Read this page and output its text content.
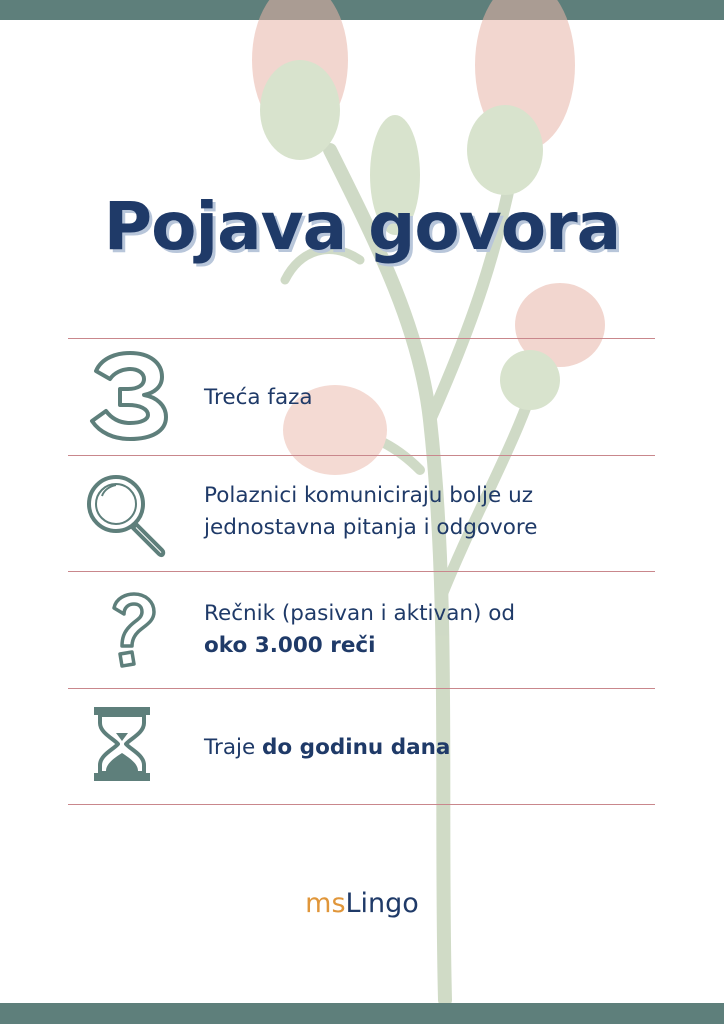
Pojava govora
Treća faza
Polaznici komuniciraju bolje uz
jednostavna pitanja i odgovore
Rečnik (pasivan i aktivan) od
oko 3.000 reči
Traje do godinu dana
msLingo
